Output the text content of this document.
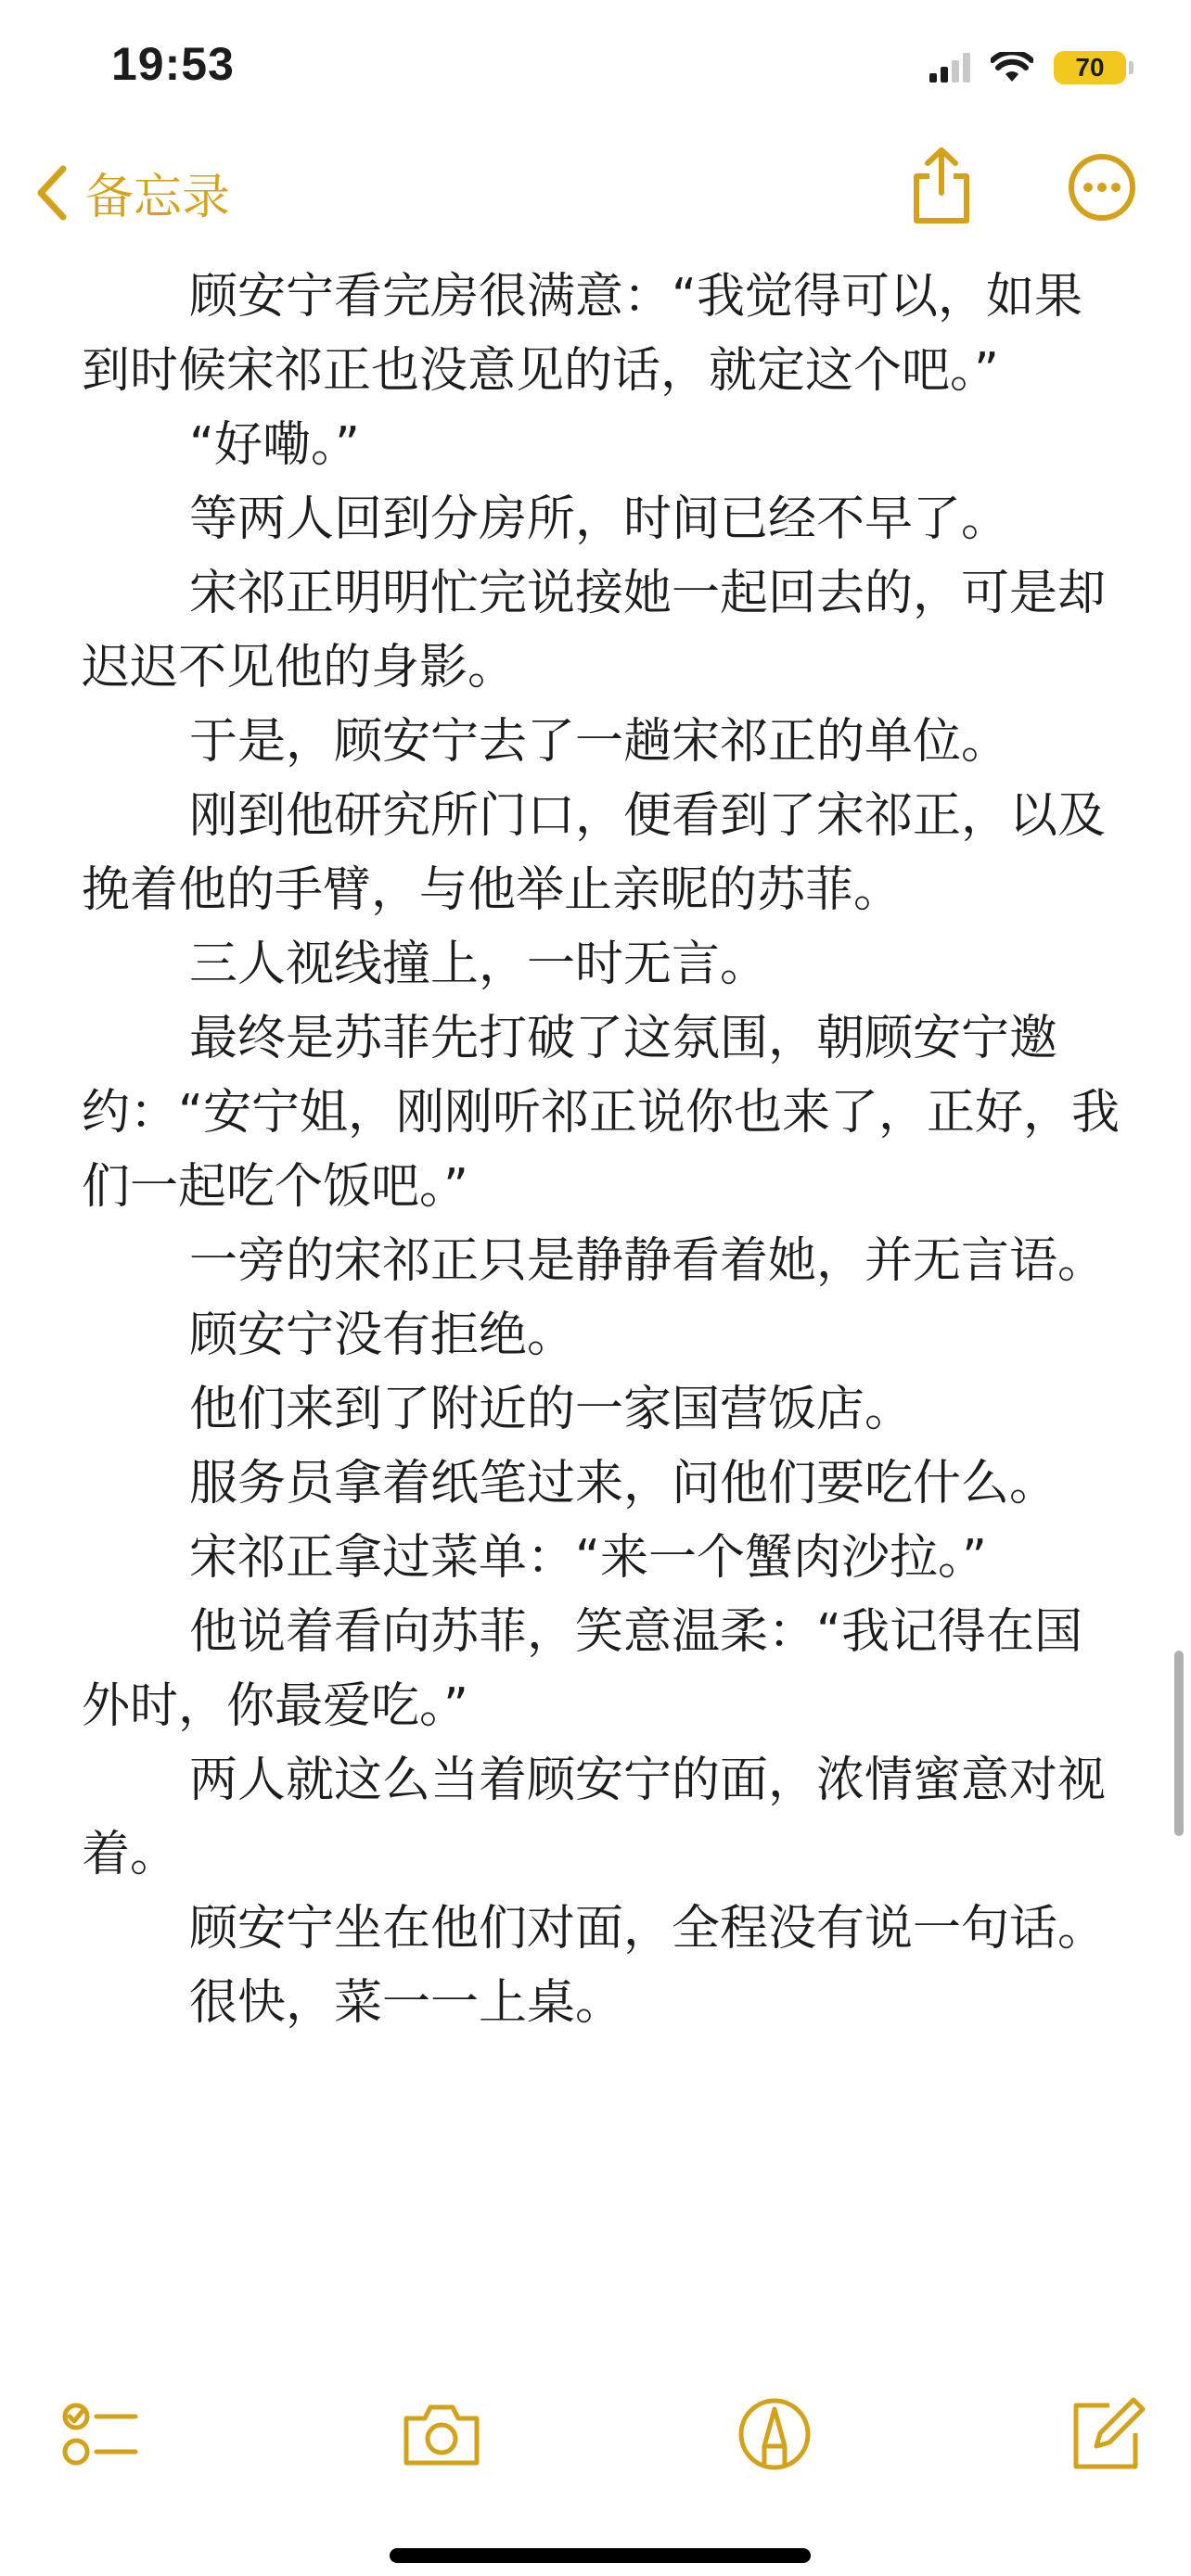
19:53	70
备忘录

顾安宁看完房很满意：“我觉得可以，如果到时候宋祁正也没意见的话，就定这个吧。”

“好嘞。”

等两人回到分房所，时间已经不早了。

宋祁正明明忙完说接她一起回去的，可是却迟迟不见他的身影。

于是，顾安宁去了一趟宋祁正的单位。

刚到他研究所门口，便看到了宋祁正，以及挽着他的手臂，与他举止亲昵的苏菲。

三人视线撞上，一时无言。

最终是苏菲先打破了这氛围，朝顾安宁邀约：“安宁姐，刚刚听祁正说你也来了，正好，我们一起吃个饭吧。”

一旁的宋祁正只是静静看着她，并无言语。

顾安宁没有拒绝。

他们来到了附近的一家国营饭店。

服务员拿着纸笔过来，问他们要吃什么。

宋祁正拿过菜单：“来一个蟹肉沙拉。”

他说着看向苏菲，笑意温柔：“我记得在国外时，你最爱吃。”

两人就这么当着顾安宁的面，浓情蜜意对视着。

顾安宁坐在他们对面，全程没有说一句话。

很快，菜一一上桌。
